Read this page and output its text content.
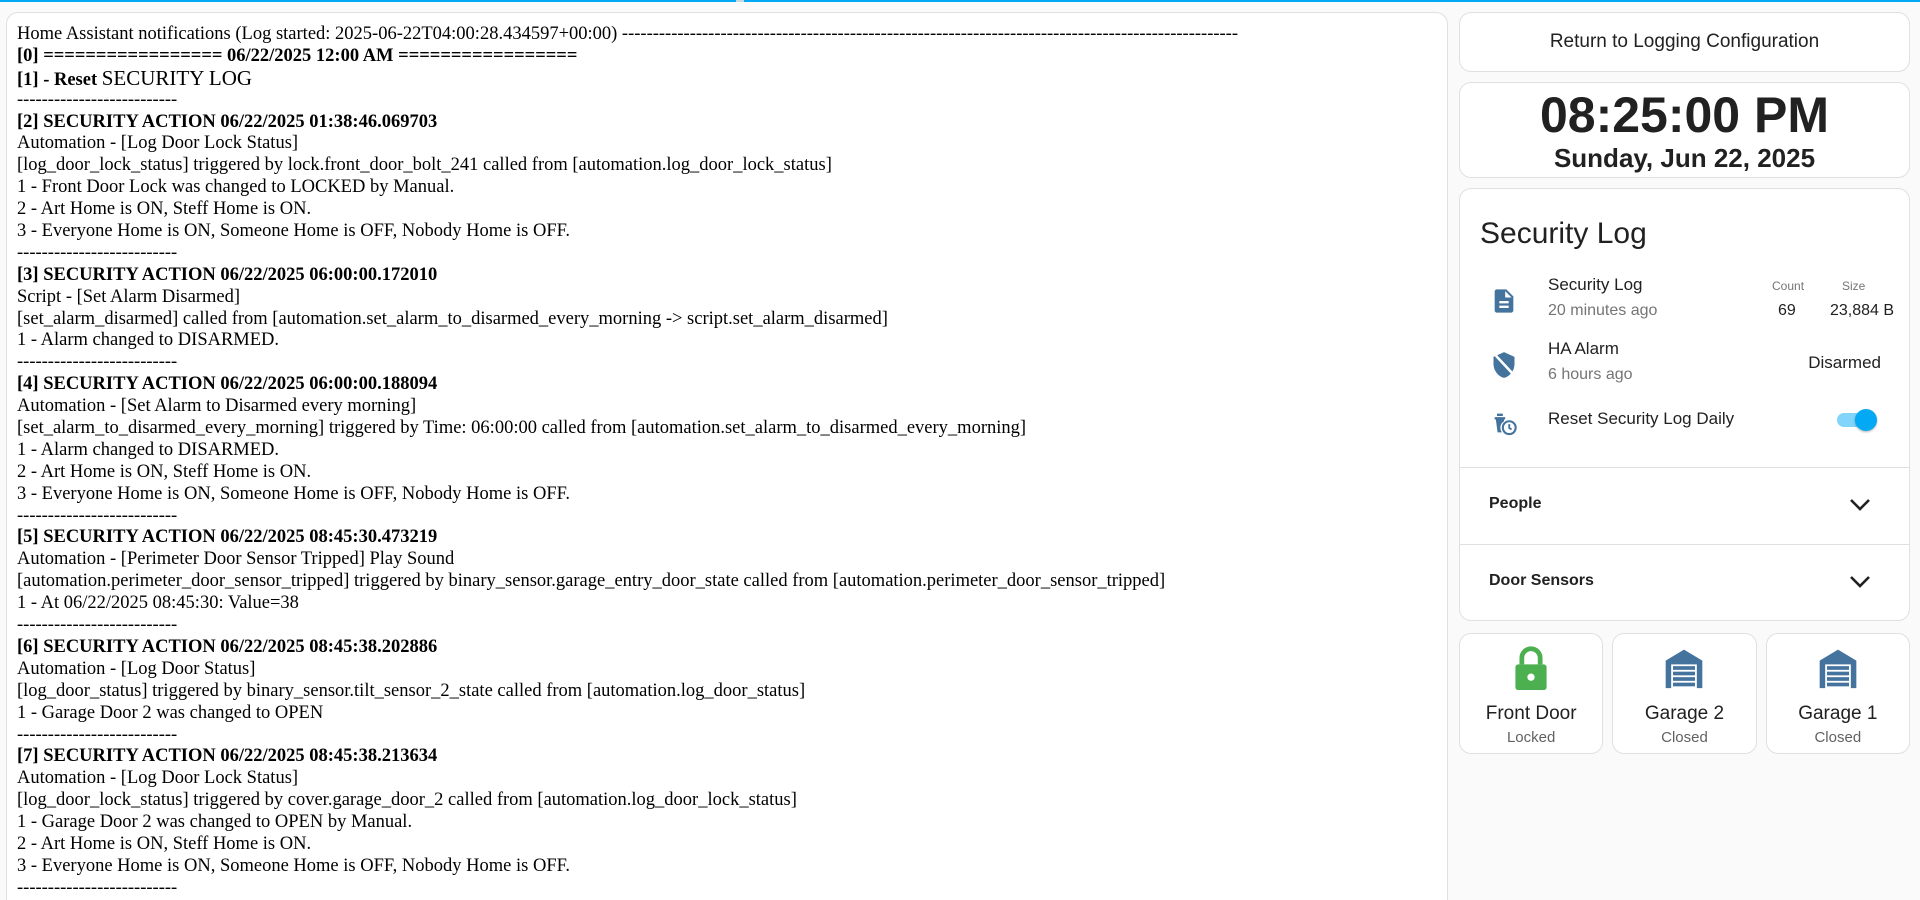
Home Assistant notifications (Log started: 2025-06-22T04:00:28.434597+00:00) ----------------------------------------------------------------------------------------------------
[0] ================= 06/22/2025 12:00 AM =================
[1] - Reset SECURITY LOG
--------------------------
[2] SECURITY ACTION 06/22/2025 01:38:46.069703
Automation - [Log Door Lock Status]
[log_door_lock_status] triggered by lock.front_door_bolt_241 called from [automation.log_door_lock_status]
1 - Front Door Lock was changed to LOCKED by Manual.
2 - Art Home is ON, Steff Home is ON.
3 - Everyone Home is ON, Someone Home is OFF, Nobody Home is OFF.
--------------------------
[3] SECURITY ACTION 06/22/2025 06:00:00.172010
Script - [Set Alarm Disarmed]
[set_alarm_disarmed] called from [automation.set_alarm_to_disarmed_every_morning -> script.set_alarm_disarmed]
1 - Alarm changed to DISARMED.
--------------------------
[4] SECURITY ACTION 06/22/2025 06:00:00.188094
Automation - [Set Alarm to Disarmed every morning]
[set_alarm_to_disarmed_every_morning] triggered by Time: 06:00:00 called from [automation.set_alarm_to_disarmed_every_morning]
1 - Alarm changed to DISARMED.
2 - Art Home is ON, Steff Home is ON.
3 - Everyone Home is ON, Someone Home is OFF, Nobody Home is OFF.
--------------------------
[5] SECURITY ACTION 06/22/2025 08:45:30.473219
Automation - [Perimeter Door Sensor Tripped] Play Sound
[automation.perimeter_door_sensor_tripped] triggered by binary_sensor.garage_entry_door_state called from [automation.perimeter_door_sensor_tripped]
1 - At 06/22/2025 08:45:30: Value=38
--------------------------
[6] SECURITY ACTION 06/22/2025 08:45:38.202886
Automation - [Log Door Status]
[log_door_status] triggered by binary_sensor.tilt_sensor_2_state called from [automation.log_door_status]
1 - Garage Door 2 was changed to OPEN
--------------------------
[7] SECURITY ACTION 06/22/2025 08:45:38.213634
Automation - [Log Door Lock Status]
[log_door_lock_status] triggered by cover.garage_door_2 called from [automation.log_door_lock_status]
1 - Garage Door 2 was changed to OPEN by Manual.
2 - Art Home is ON, Steff Home is ON.
3 - Everyone Home is ON, Someone Home is OFF, Nobody Home is OFF.
--------------------------
Return to Logging Configuration
08:25:00 PM
Sunday, Jun 22, 2025
Security Log
Security Log
20 minutes ago
Count	Size
69 23,884 B
HA Alarm
6 hours ago
Disarmed
Reset Security Log Daily
People
Door Sensors
Front Door
Locked
Garage 2
Closed
Garage 1
Closed
